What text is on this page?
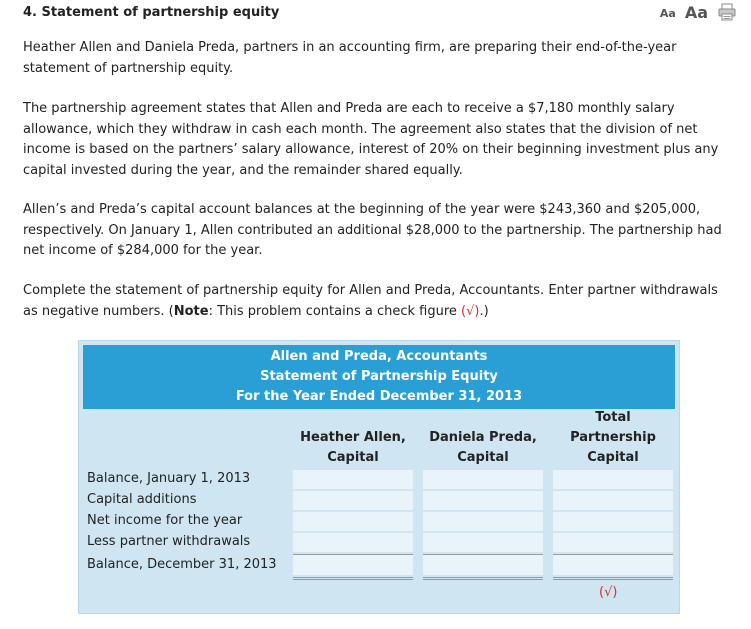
4. Statement of partnership equity	Aa Aa

Heather Allen and Daniela Preda, partners in an accounting firm, are preparing their end-of-the-year statement of partnership equity.

The partnership agreement states that Allen and Preda are each to receive a $7,180 monthly salary allowance, which they withdraw in cash each month. The agreement also states that the division of net income is based on the partners’ salary allowance, interest of 20% on their beginning investment plus any capital invested during the year, and the remainder shared equally.

Allen’s and Preda’s capital account balances at the beginning of the year were $243,360 and $205,000, respectively. On January 1, Allen contributed an additional $28,000 to the partnership. The partnership had net income of $284,000 for the year.

Complete the statement of partnership equity for Allen and Preda, Accountants. Enter partner withdrawals as negative numbers. (Note: This problem contains a check figure (√).)

Allen and Preda, Accountants
Statement of Partnership Equity
For the Year Ended December 31, 2013
Heather Allen,
Capital
Daniela Preda,
Capital
Total
Partnership
Capital
Balance, January 1, 2013
Capital additions
Net income for the year
Less partner withdrawals
Balance, December 31, 2013
(√)
